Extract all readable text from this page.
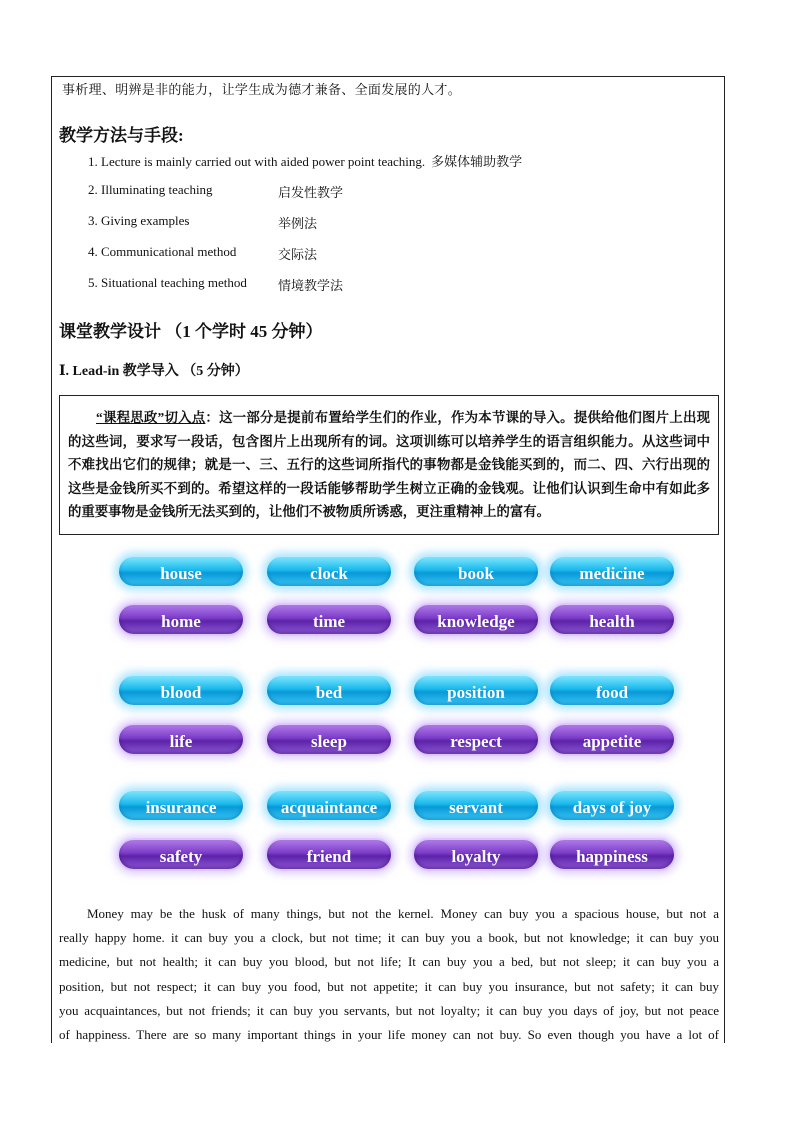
事析理、明辨是非的能力，让学生成为德才兼备、全面发展的人才。
教学方法与手段:
1. Lecture is mainly carried out with aided power point teaching. 多媒体辅助教学
2. Illuminating teaching	启发性教学
3. Giving examples	举例法
4. Communicational method	交际法
5. Situational teaching method 情境教学法
课堂教学设计 （1 个学时 45 分钟）
Ⅰ. Lead-in 教学导入 （5 分钟）
“课程思政”切入点：这一部分是提前布置给学生们的作业，作为本节课的导入。提供给他们图片上出现的这些词，要求写一段话，包含图片上出现所有的词。这项训练可以培养学生的语言组织能力。从这些词中不难找出它们的规律；就是一、三、五行的这些词所指代的事物都是金钱能买到的，而二、四、六行出现的这些是金钱所买不到的。希望这样的一段话能够帮助学生树立正确的金钱观。让他们认识到生命中有如此多的重要事物是金钱所无法买到的，让他们不被物质所诱惑，更注重精神上的富有。
house	clock	book	medicine
home	time	knowledge	health
blood	bed	position	food
life	sleep	respect	appetite
insurance	acquaintance	servant	days of joy
safety	friend	loyalty	happiness
Money may be the husk of many things, but not the kernel. Money can buy you a spacious house, but not a
really happy home. it can buy you a clock, but not time; it can buy you a book, but not knowledge; it can buy you
medicine, but not health; it can buy you blood, but not life; It can buy you a bed, but not sleep; it can buy you a
position, but not respect; it can buy you food, but not appetite; it can buy you insurance, but not safety; it can buy
you acquaintances, but not friends; it can buy you servants, but not loyalty; it can buy you days of joy, but not peace
of happiness. There are so many important things in your life money can not buy. So even though you have a lot of
